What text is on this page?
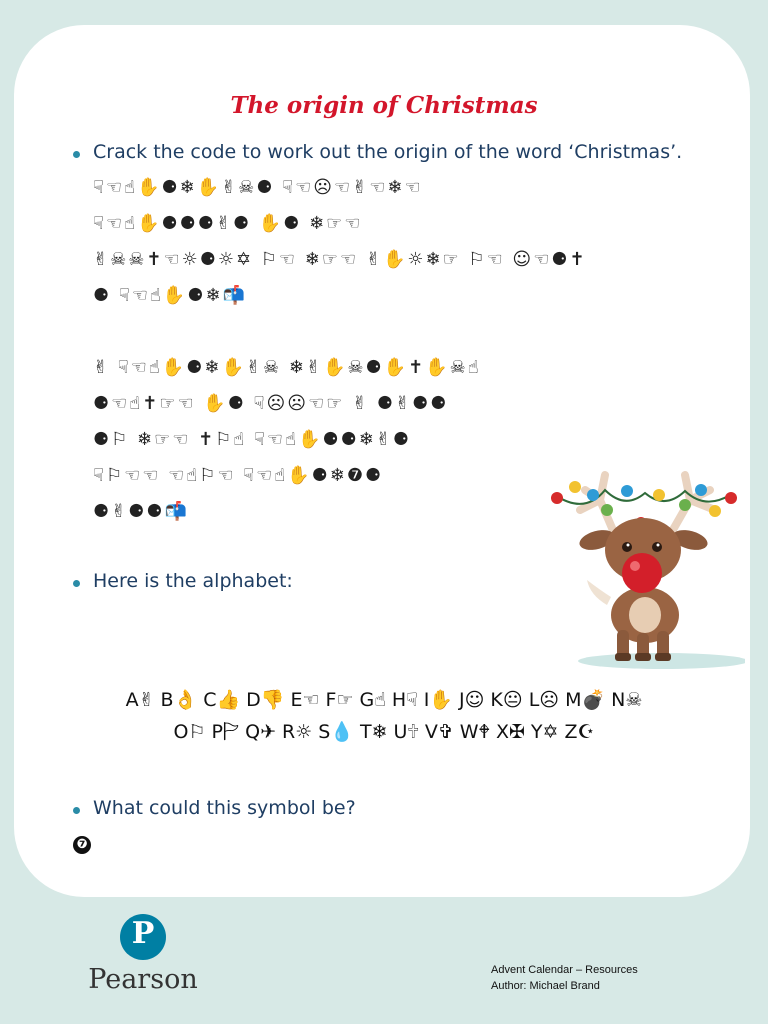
The origin of Christmas
Crack the code to work out the origin of the word ‘Christmas’.
☟☜☝✋⚈❄✋✌☠⚈ ☟☜☹☜✌☜❄☜
☟☜☝✋⚈⚈⚈✌⚈ ✋⚈ ❄☞☜
✌☠☠✝☜☼⚈☼✡ ⚐☜ ❄☞☜ ✌✋☼❄☞ ⚐☜ ☺☜⚈✝
⚈ ☟☜☝✋⚈❄📬
✌ ☟☜☝✋⚈❄✋✌☠ ❄✌✋☠⚈✋✝✋☠☝
⚈☜☝✝☞☜ ✋⚈ ☟☹☹☜☞ ✌ ⚈✌⚈⚈
⚈⚐ ❄☞☜ ✝⚐☝ ☟☜☝✋⚈⚈❄✌⚈
☟⚐☜☜ ☜☝⚐☜ ☟☜☝✋⚈❄❼⚈
⚈✌⚈⚈📬
Here is the alphabet:
A✌ B👌 C👍 D👎 E☜ F☞ G☝ H☟ I✋ J☺ K😐 L☹ M💣 N☠
O⚐ P🏱 Q✈ R☼ S💧 T❄ U🕆 V✞ W🕈 X✠ Y✡ Z☪
What could this symbol be?
❼
P
Pearson	Advent Calendar – Resources
Author: Michael Brand
